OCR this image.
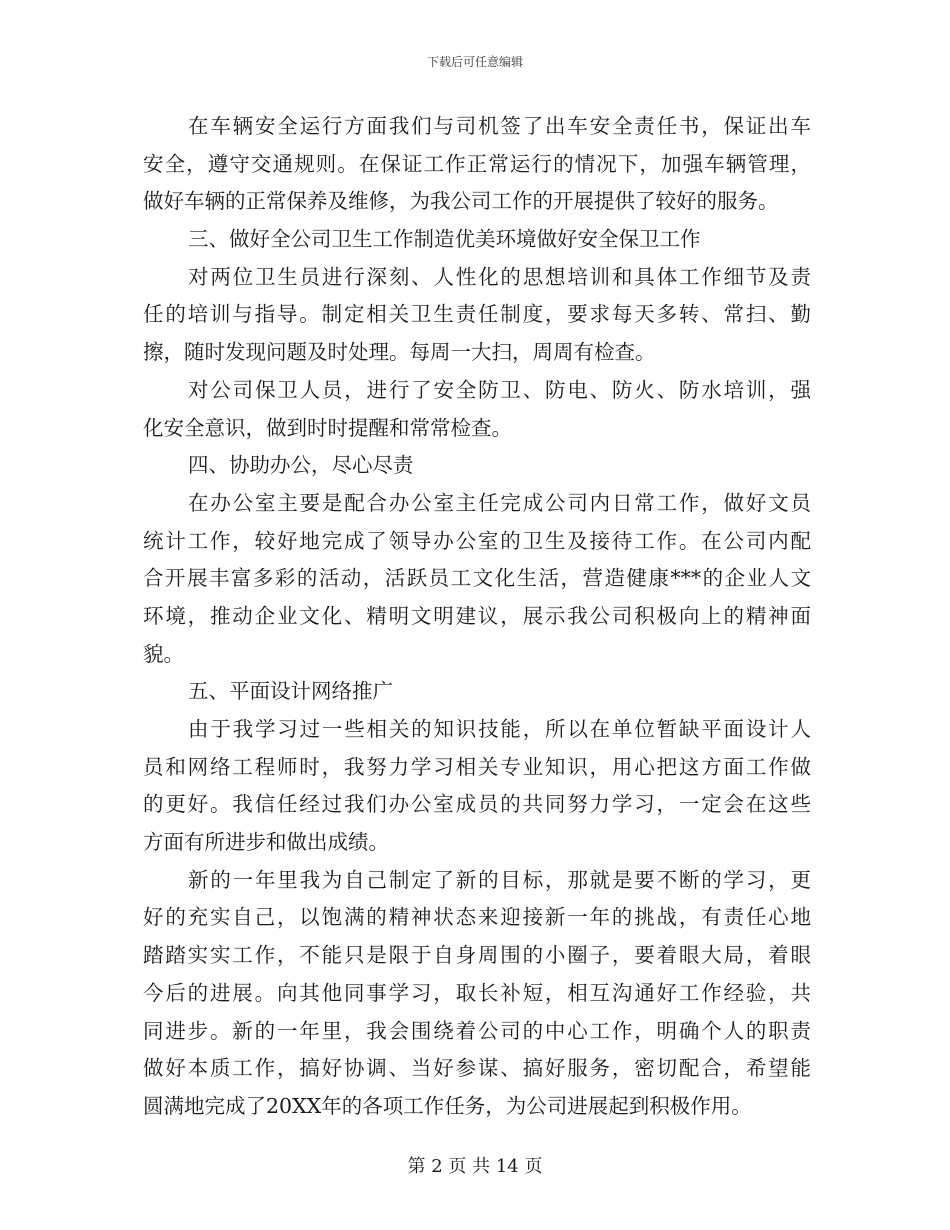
下载后可任意编辑
在车辆安全运行方面我们与司机签了出车安全责任书，保证出车
安全，遵守交通规则。在保证工作正常运行的情况下，加强车辆管理，
做好车辆的正常保养及维修，为我公司工作的开展提供了较好的服务。
三、做好全公司卫生工作制造优美环境做好安全保卫工作
对两位卫生员进行深刻、人性化的思想培训和具体工作细节及责
任的培训与指导。制定相关卫生责任制度，要求每天多转、常扫、勤
擦，随时发现问题及时处理。每周一大扫，周周有检查。
对公司保卫人员，进行了安全防卫、防电、防火、防水培训，强
化安全意识，做到时时提醒和常常检查。
四、协助办公，尽心尽责
在办公室主要是配合办公室主任完成公司内日常工作，做好文员
统计工作，较好地完成了领导办公室的卫生及接待工作。在公司内配
合开展丰富多彩的活动，活跃员工文化生活，营造健康***的企业人文
环境，推动企业文化、精明文明建议，展示我公司积极向上的精神面
貌。
五、平面设计网络推广
由于我学习过一些相关的知识技能，所以在单位暂缺平面设计人
员和网络工程师时，我努力学习相关专业知识，用心把这方面工作做
的更好。我信任经过我们办公室成员的共同努力学习，一定会在这些
方面有所进步和做出成绩。
新的一年里我为自己制定了新的目标，那就是要不断的学习，更
好的充实自己，以饱满的精神状态来迎接新一年的挑战，有责任心地
踏踏实实工作，不能只是限于自身周围的小圈子，要着眼大局，着眼
今后的进展。向其他同事学习，取长补短，相互沟通好工作经验，共
同进步。新的一年里，我会围绕着公司的中心工作，明确个人的职责
做好本质工作，搞好协调、当好参谋、搞好服务，密切配合，希望能
圆满地完成了20XX年的各项工作任务，为公司进展起到积极作用。
第 2 页 共 14 页
